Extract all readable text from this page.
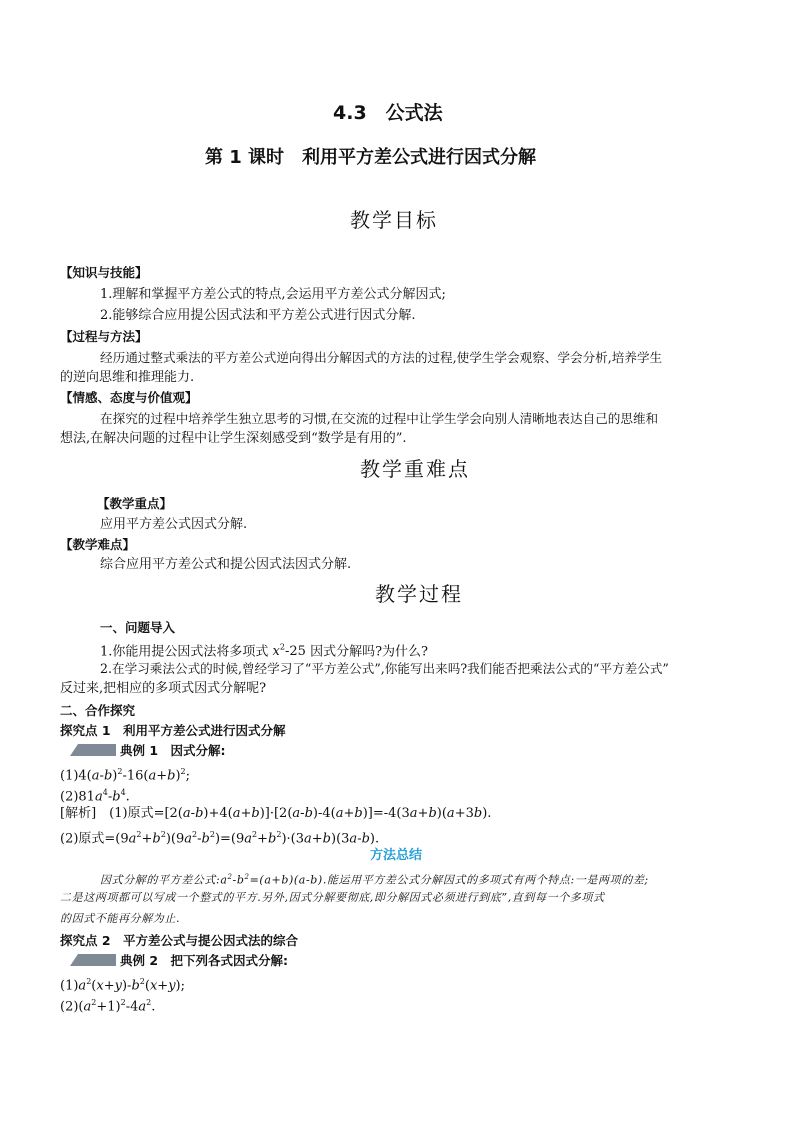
4.3　公式法
第 1 课时　利用平方差公式进行因式分解
教学目标
【知识与技能】
1.理解和掌握平方差公式的特点,会运用平方差公式分解因式;
2.能够综合应用提公因式法和平方差公式进行因式分解.
【过程与方法】
经历通过整式乘法的平方差公式逆向得出分解因式的方法的过程,使学生学会观察、学会分析,培养学生
的逆向思维和推理能力.
【情感、态度与价值观】
在探究的过程中培养学生独立思考的习惯,在交流的过程中让学生学会向别人清晰地表达自己的思维和
想法,在解决问题的过程中让学生深刻感受到“数学是有用的”.
教学重难点
【教学重点】
应用平方差公式因式分解.
【教学难点】
综合应用平方差公式和提公因式法因式分解.
教学过程
一、问题导入
1.你能用提公因式法将多项式 $x^2-25$ 因式分解吗?为什么?
2.在学习乘法公式的时候,曾经学习了“平方差公式”,你能写出来吗?我们能否把乘法公式的“平方差公式”
反过来,把相应的多项式因式分解呢?
二、合作探究
探究点 1　利用平方差公式进行因式分解
典例 1　因式分解:
$(1)4(a-b)^2-16(a+b)^2$;
$(2)81a^4-b^4$.
[解析]　(1)原式=[2(a-b)+4(a+b)]·[2(a-b)-4(a+b)]=-4(3a+b)(a+3b).
(2)原式$=(9a^2+b^2)(9a^2-b^2)=(9a^2+b^2)\cdot(3a+b)(3a-b)$.
方法总结
因式分解的平方差公式$:a^2-b^2=(a+b)(a-b)$.能运用平方差公式分解因式的多项式有两个特点:一是两项的差;
二是这两项都可以写成一个整式的平方.另外,因式分解要彻底,即分解因式必须进行到底”,直到每一个多项式
的因式不能再分解为止.
探究点 2　平方差公式与提公因式法的综合
典例 2　把下列各式因式分解:
$(1)a^2(x+y)-b^2(x+y)$;
$(2)(a^2+1)^2-4a^2$.
